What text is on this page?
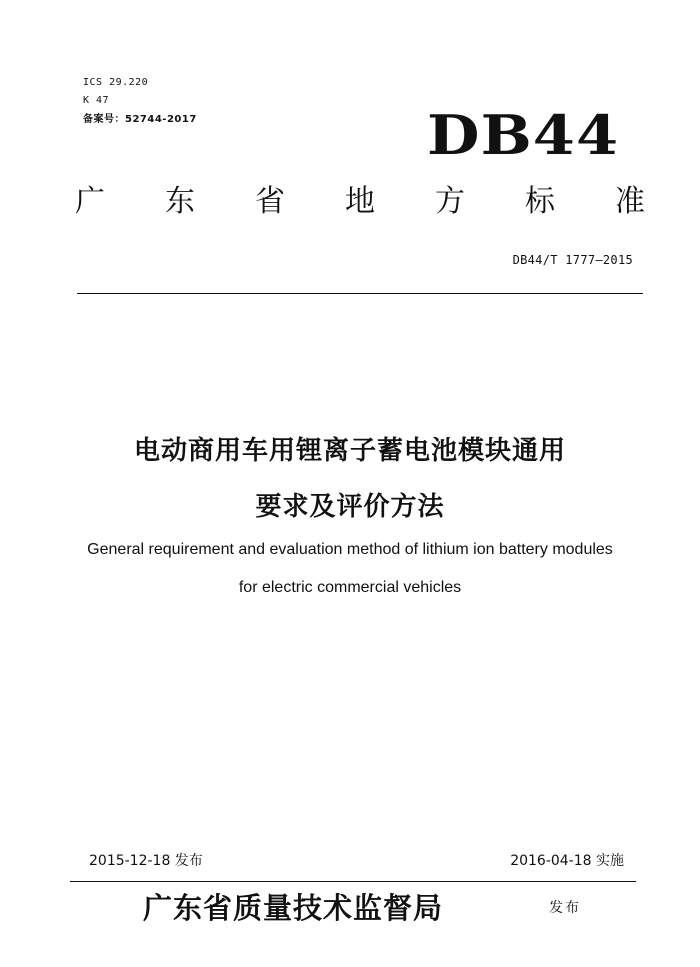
ICS 29.220
K 47
备案号：52744-2017	DB44
广 东 省 地 方 标 准
DB44/T 1777—2015
电动商用车用锂离子蓄电池模块通用
要求及评价方法
General requirement and evaluation method of lithium ion battery modules
for electric commercial vehicles
2015-12-18 发布	2016-04-18 实施
广东省质量技术监督局	发布
